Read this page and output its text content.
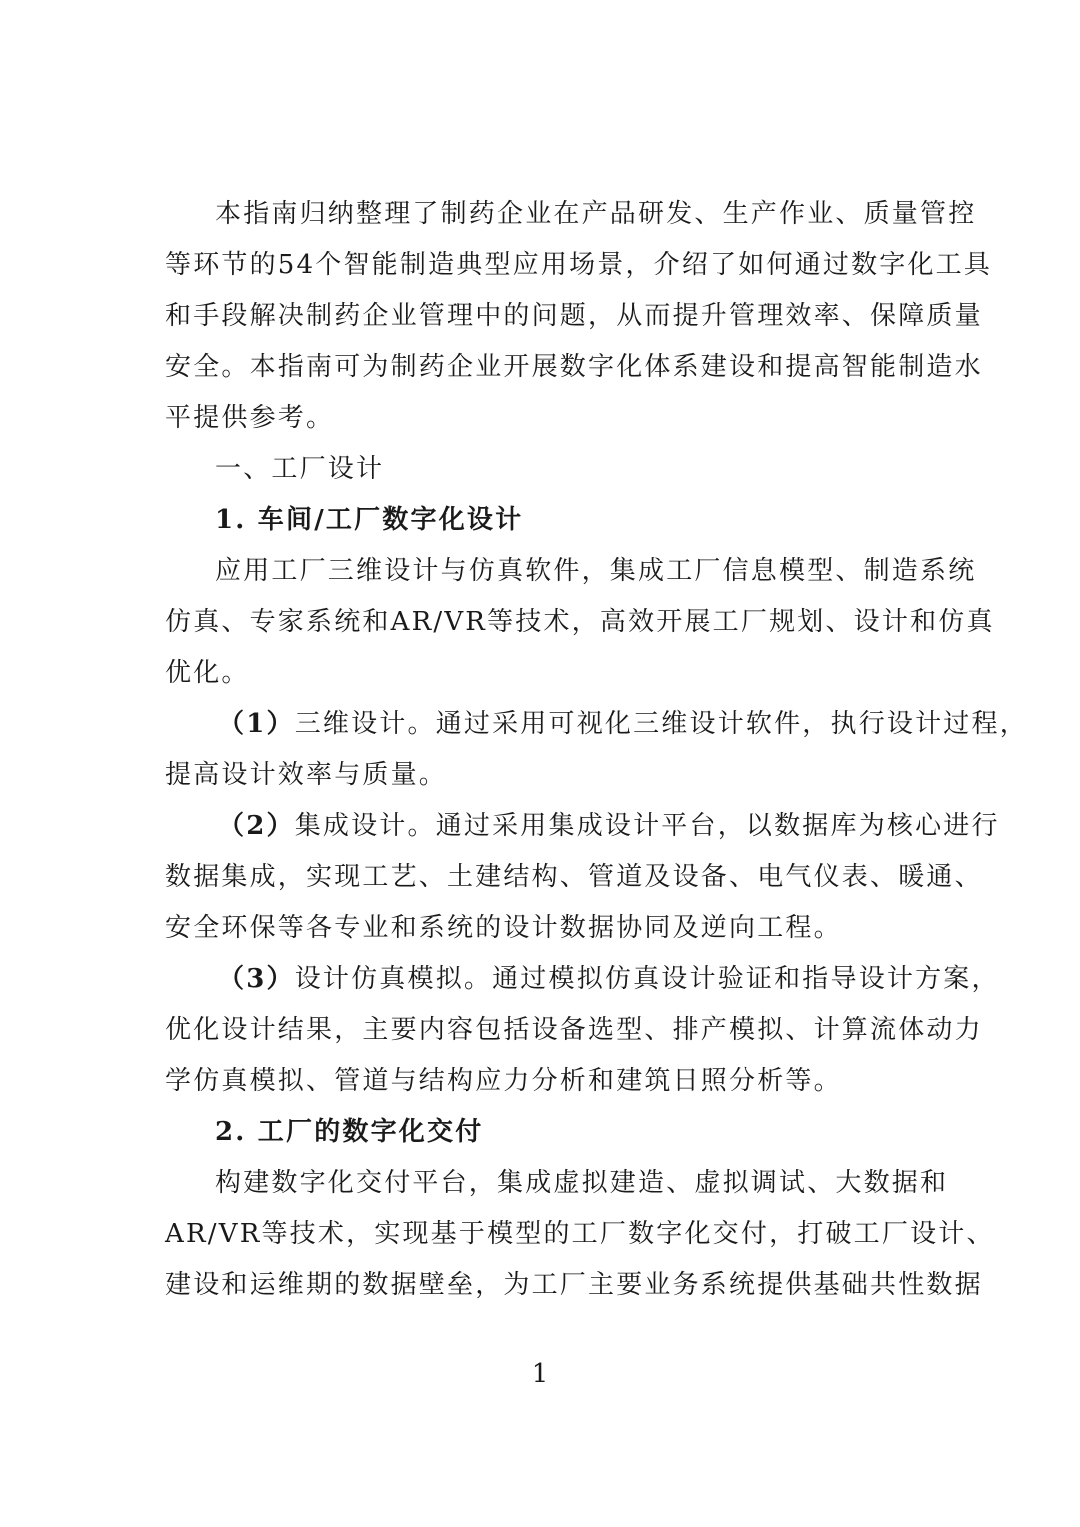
本指南归纳整理了制药企业在产品研发、生产作业、质量管控
等环节的54个智能制造典型应用场景，介绍了如何通过数字化工具
和手段解决制药企业管理中的问题，从而提升管理效率、保障质量
安全。本指南可为制药企业开展数字化体系建设和提高智能制造水
平提供参考。
一、工厂设计
1. 车间/工厂数字化设计
应用工厂三维设计与仿真软件，集成工厂信息模型、制造系统
仿真、专家系统和AR/VR等技术，高效开展工厂规划、设计和仿真
优化。
（1）三维设计。通过采用可视化三维设计软件，执行设计过程，
提高设计效率与质量。
（2）集成设计。通过采用集成设计平台，以数据库为核心进行
数据集成，实现工艺、土建结构、管道及设备、电气仪表、暖通、
安全环保等各专业和系统的设计数据协同及逆向工程。
（3）设计仿真模拟。通过模拟仿真设计验证和指导设计方案，
优化设计结果，主要内容包括设备选型、排产模拟、计算流体动力
学仿真模拟、管道与结构应力分析和建筑日照分析等。
2. 工厂的数字化交付
构建数字化交付平台，集成虚拟建造、虚拟调试、大数据和
AR/VR等技术，实现基于模型的工厂数字化交付，打破工厂设计、
建设和运维期的数据壁垒，为工厂主要业务系统提供基础共性数据
1
